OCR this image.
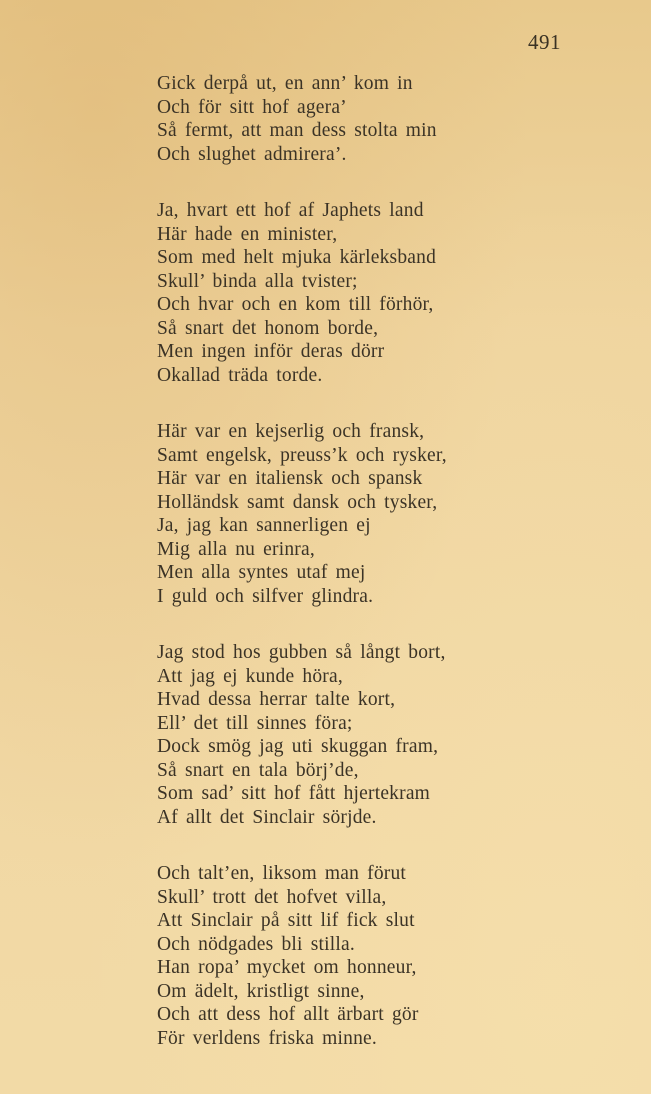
491
Gick derpå ut, en ann’ kom in
Och för sitt hof agera’
Så fermt, att man dess stolta min
Och slughet admirera’.
Ja, hvart ett hof af Japhets land
Här hade en minister,
Som med helt mjuka kärleksband
Skull’ binda alla tvister;
Och hvar och en kom till förhör,
Så snart det honom borde,
Men ingen inför deras dörr
Okallad träda torde.
Här var en kejserlig och fransk,
Samt engelsk, preuss’k och rysker,
Här var en italiensk och spansk
Holländsk samt dansk och tysker,
Ja, jag kan sannerligen ej
Mig alla nu erinra,
Men alla syntes utaf mej
I guld och silfver glindra.
Jag stod hos gubben så långt bort,
Att jag ej kunde höra,
Hvad dessa herrar talte kort,
Ell’ det till sinnes föra;
Dock smög jag uti skuggan fram,
Så snart en tala börj’de,
Som sad’ sitt hof fått hjertekram
Af allt det Sinclair sörjde.
Och talt’en, liksom man förut
Skull’ trott det hofvet villa,
Att Sinclair på sitt lif fick slut
Och nödgades bli stilla.
Han ropa’ mycket om honneur,
Om ädelt, kristligt sinne,
Och att dess hof allt ärbart gör
För verldens friska minne.
